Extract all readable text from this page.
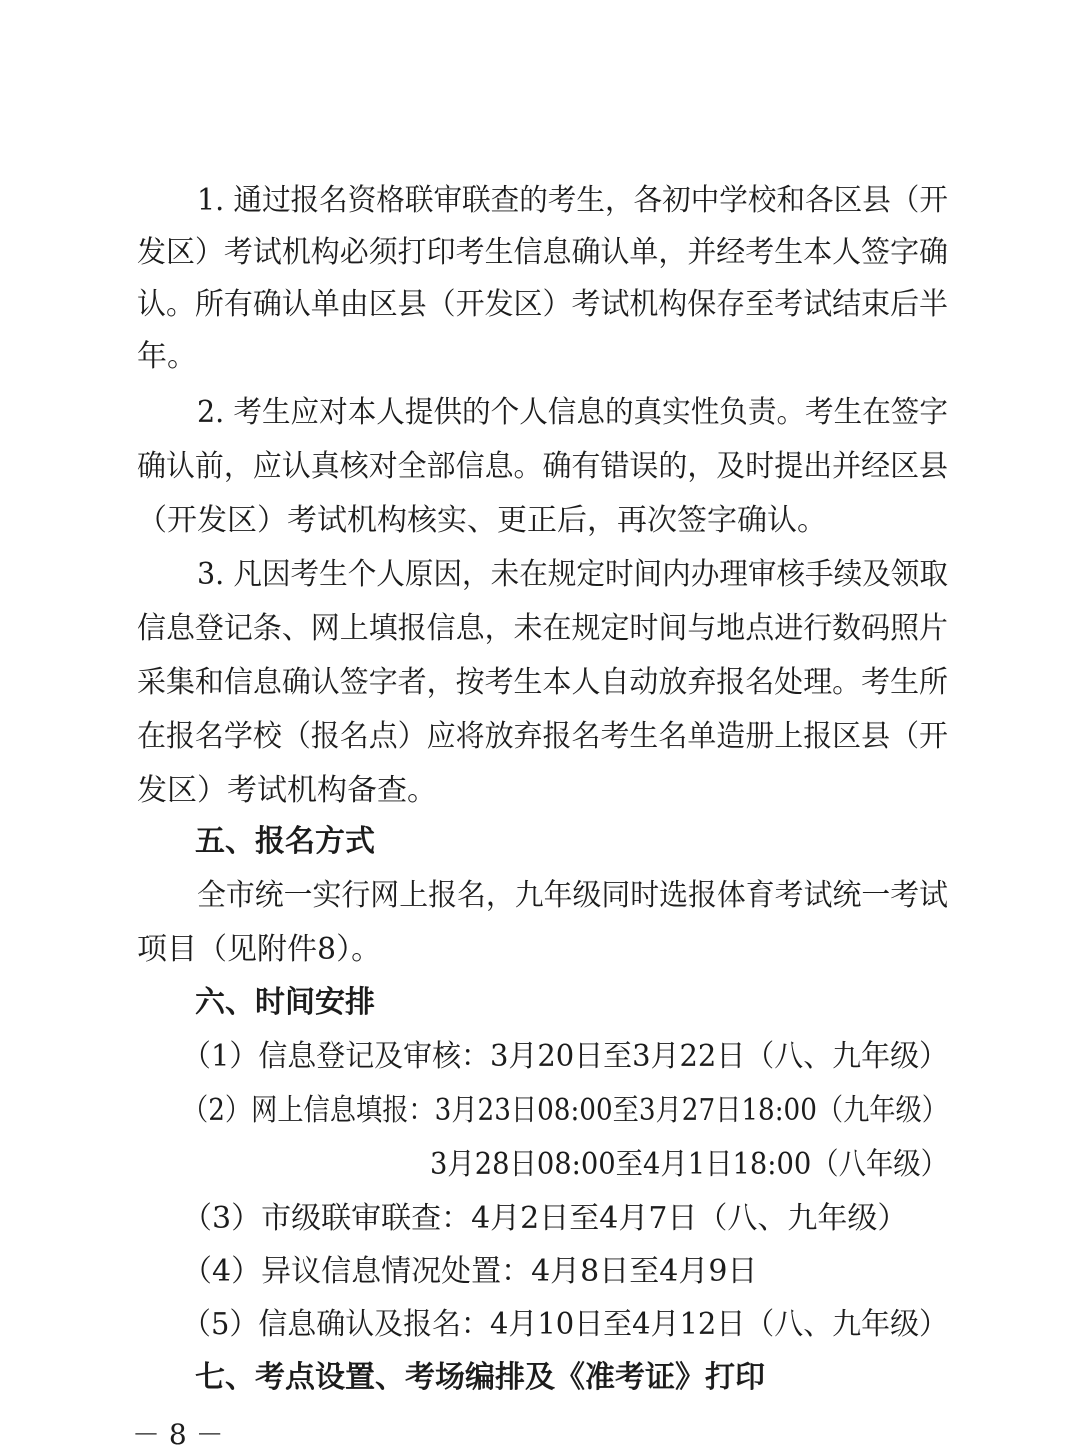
1. 通过报名资格联审联查的考生，各初中学校和各区县（开
发区）考试机构必须打印考生信息确认单，并经考生本人签字确
认。所有确认单由区县（开发区）考试机构保存至考试结束后半
年。
2. 考生应对本人提供的个人信息的真实性负责。考生在签字
确认前，应认真核对全部信息。确有错误的，及时提出并经区县
（开发区）考试机构核实、更正后，再次签字确认。
3. 凡因考生个人原因，未在规定时间内办理审核手续及领取
信息登记条、网上填报信息，未在规定时间与地点进行数码照片
采集和信息确认签字者，按考生本人自动放弃报名处理。考生所
在报名学校（报名点）应将放弃报名考生名单造册上报区县（开
发区）考试机构备查。
五、报名方式
全市统一实行网上报名，九年级同时选报体育考试统一考试
项目（见附件8）。
六、时间安排
（1）信息登记及审核：3月20日至3月22日（八、九年级）
（2）网上信息填报：3月23日08:00至3月27日18:00（九年级）
3月28日08:00至4月1日18:00（八年级）
（3）市级联审联查：4月2日至4月7日（八、九年级）
（4）异议信息情况处置：4月8日至4月9日
（5）信息确认及报名：4月10日至4月12日（八、九年级）
七、考点设置、考场编排及《准考证》打印
－ 8 －
